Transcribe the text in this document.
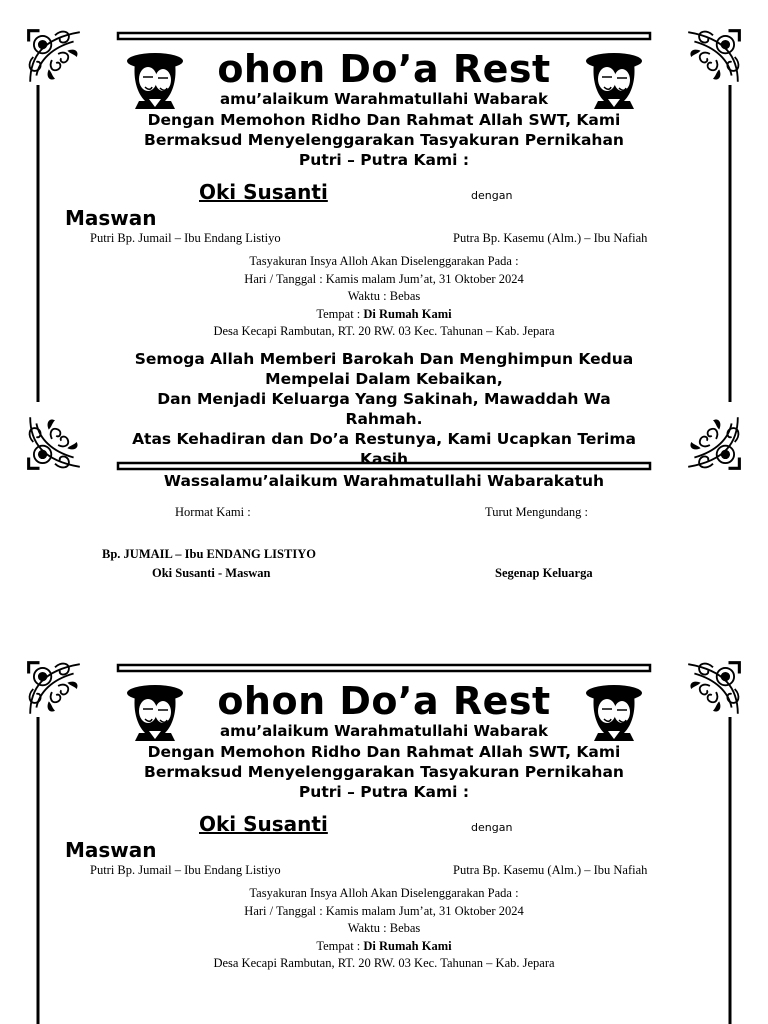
ohon Do’a Rest
amu’alaikum Warahmatullahi Wabarak
Dengan Memohon Ridho Dan Rahmat Allah SWT, Kami
Bermaksud Menyelenggarakan Tasyakuran Pernikahan
Putri – Putra Kami :
Oki Susanti	dengan
Maswan
Putri Bp. Jumail – Ibu Endang Listiyo	Putra Bp. Kasemu (Alm.) – Ibu Nafiah
Tasyakuran Insya Alloh Akan Diselenggarakan Pada :
Hari / Tanggal : Kamis malam Jum’at, 31 Oktober 2024
Waktu : Bebas
Tempat : Di Rumah Kami
Desa Kecapi Rambutan, RT. 20 RW. 03 Kec. Tahunan – Kab. Jepara
Semoga Allah Memberi Barokah Dan Menghimpun Kedua
Mempelai Dalam Kebaikan,
Dan Menjadi Keluarga Yang Sakinah, Mawaddah Wa
Rahmah.
Atas Kehadiran dan Do’a Restunya, Kami Ucapkan Terima
Kasih
Wassalamu’alaikum Warahmatullahi Wabarakatuh
Hormat Kami :	Turut Mengundang :
Bp. JUMAIL – Ibu ENDANG LISTIYO
Oki Susanti - Maswan	Segenap Keluarga
ohon Do’a Rest
amu’alaikum Warahmatullahi Wabarak
Dengan Memohon Ridho Dan Rahmat Allah SWT, Kami
Bermaksud Menyelenggarakan Tasyakuran Pernikahan
Putri – Putra Kami :
Oki Susanti	dengan
Maswan
Putri Bp. Jumail – Ibu Endang Listiyo	Putra Bp. Kasemu (Alm.) – Ibu Nafiah
Tasyakuran Insya Alloh Akan Diselenggarakan Pada :
Hari / Tanggal : Kamis malam Jum’at, 31 Oktober 2024
Waktu : Bebas
Tempat : Di Rumah Kami
Desa Kecapi Rambutan, RT. 20 RW. 03 Kec. Tahunan – Kab. Jepara
